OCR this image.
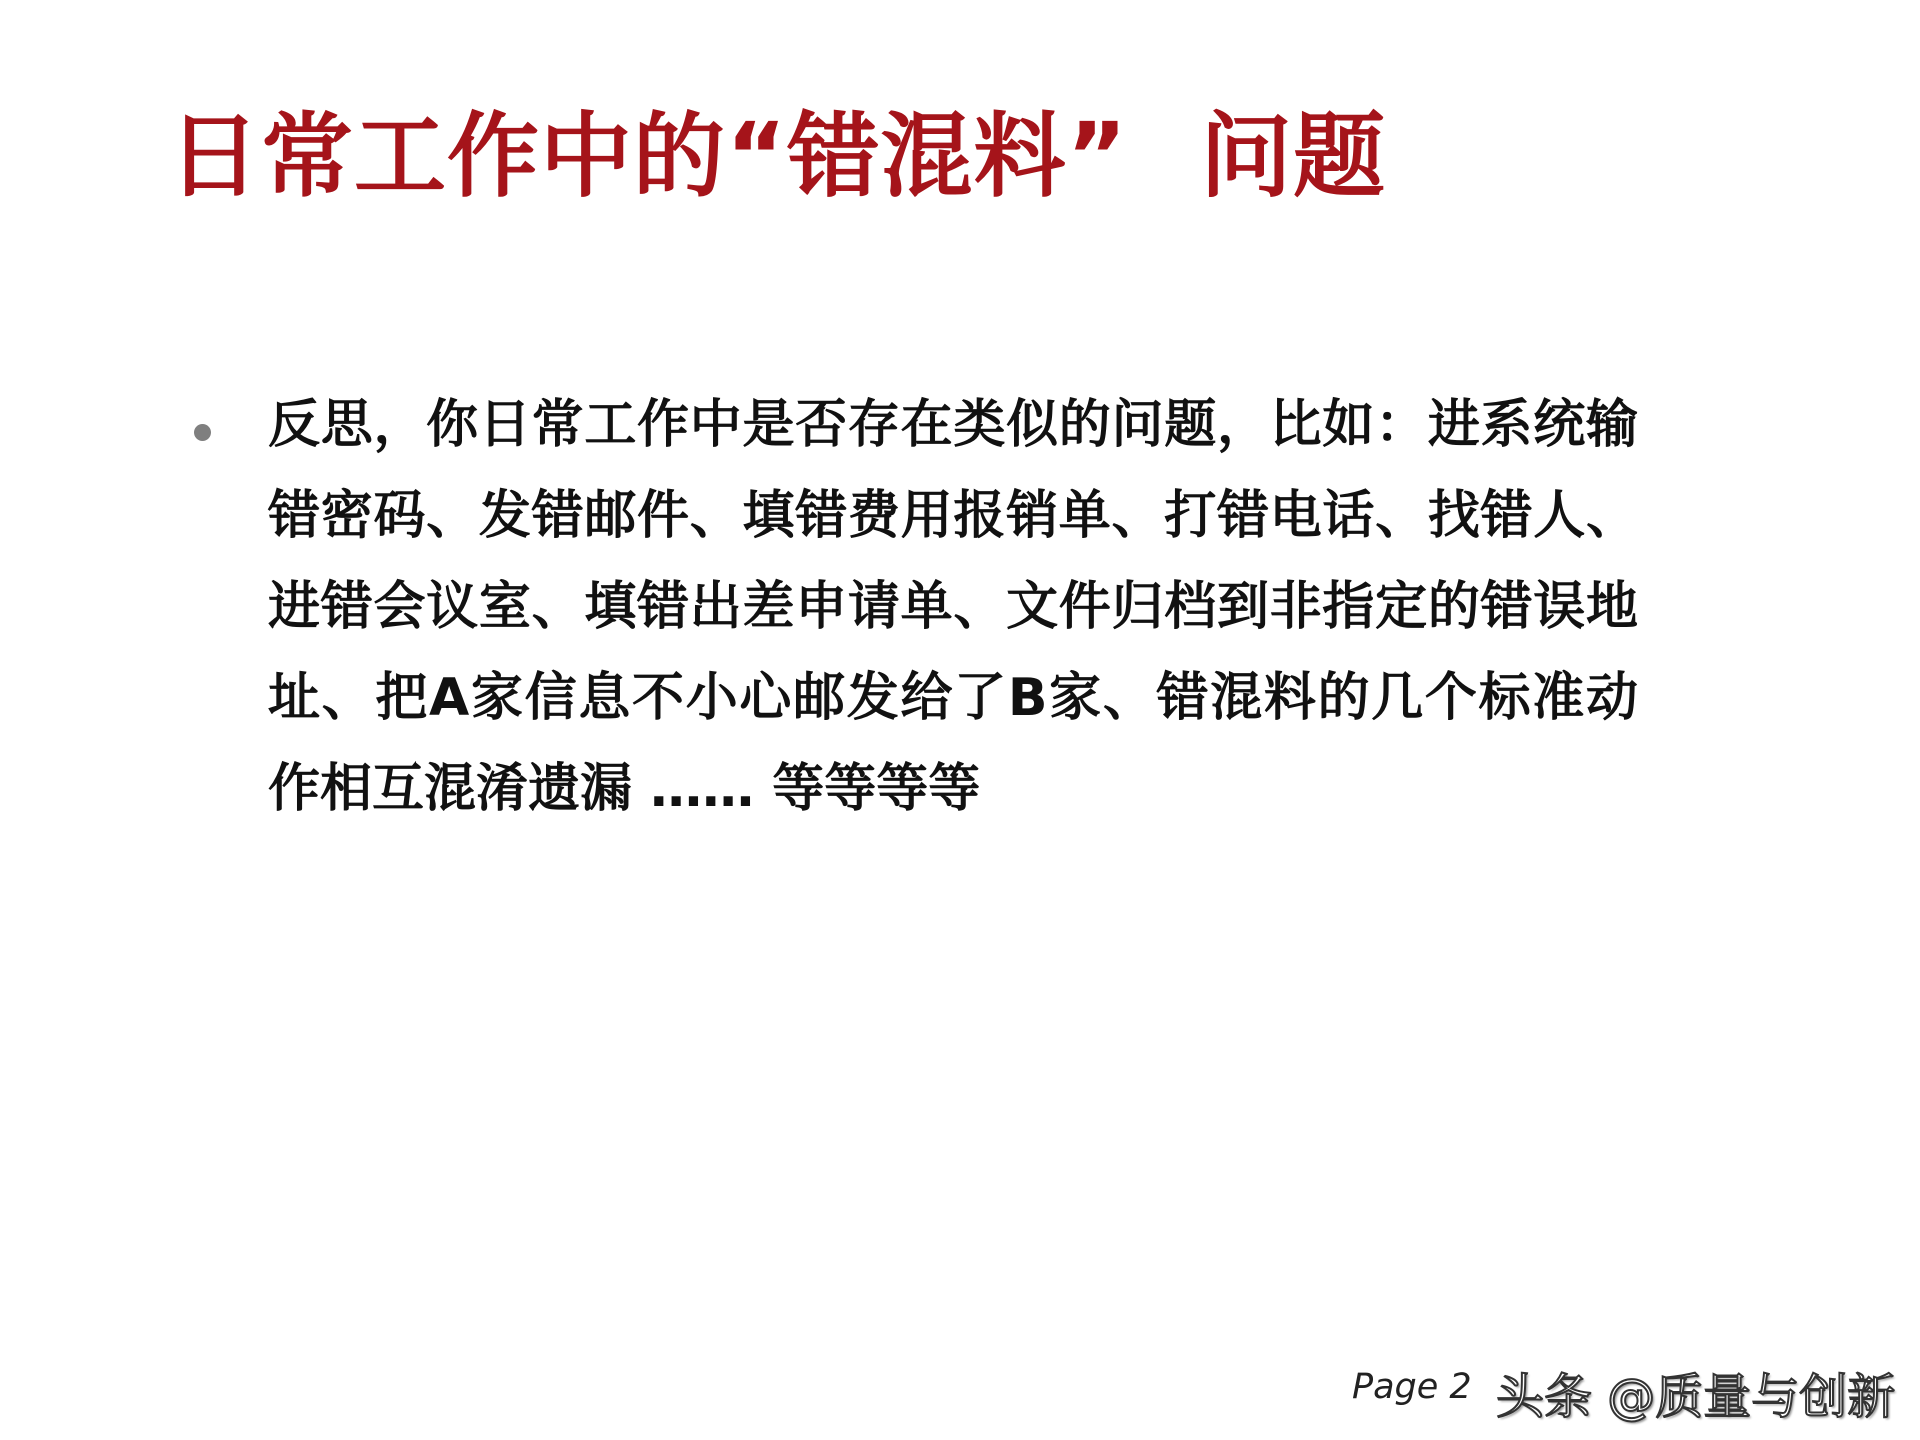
日常工作中的“错混料” 问题
反思，你日常工作中是否存在类似的问题，比如：进系统输错密码、发错邮件、填错费用报销单、打错电话、找错人、进错会议室、填错出差申请单、文件归档到非指定的错误地址、把A家信息不小心邮发给了B家、错混料的几个标准动作相互混淆遗漏 …… 等等等等
Page 2 头条 @质量与创新
